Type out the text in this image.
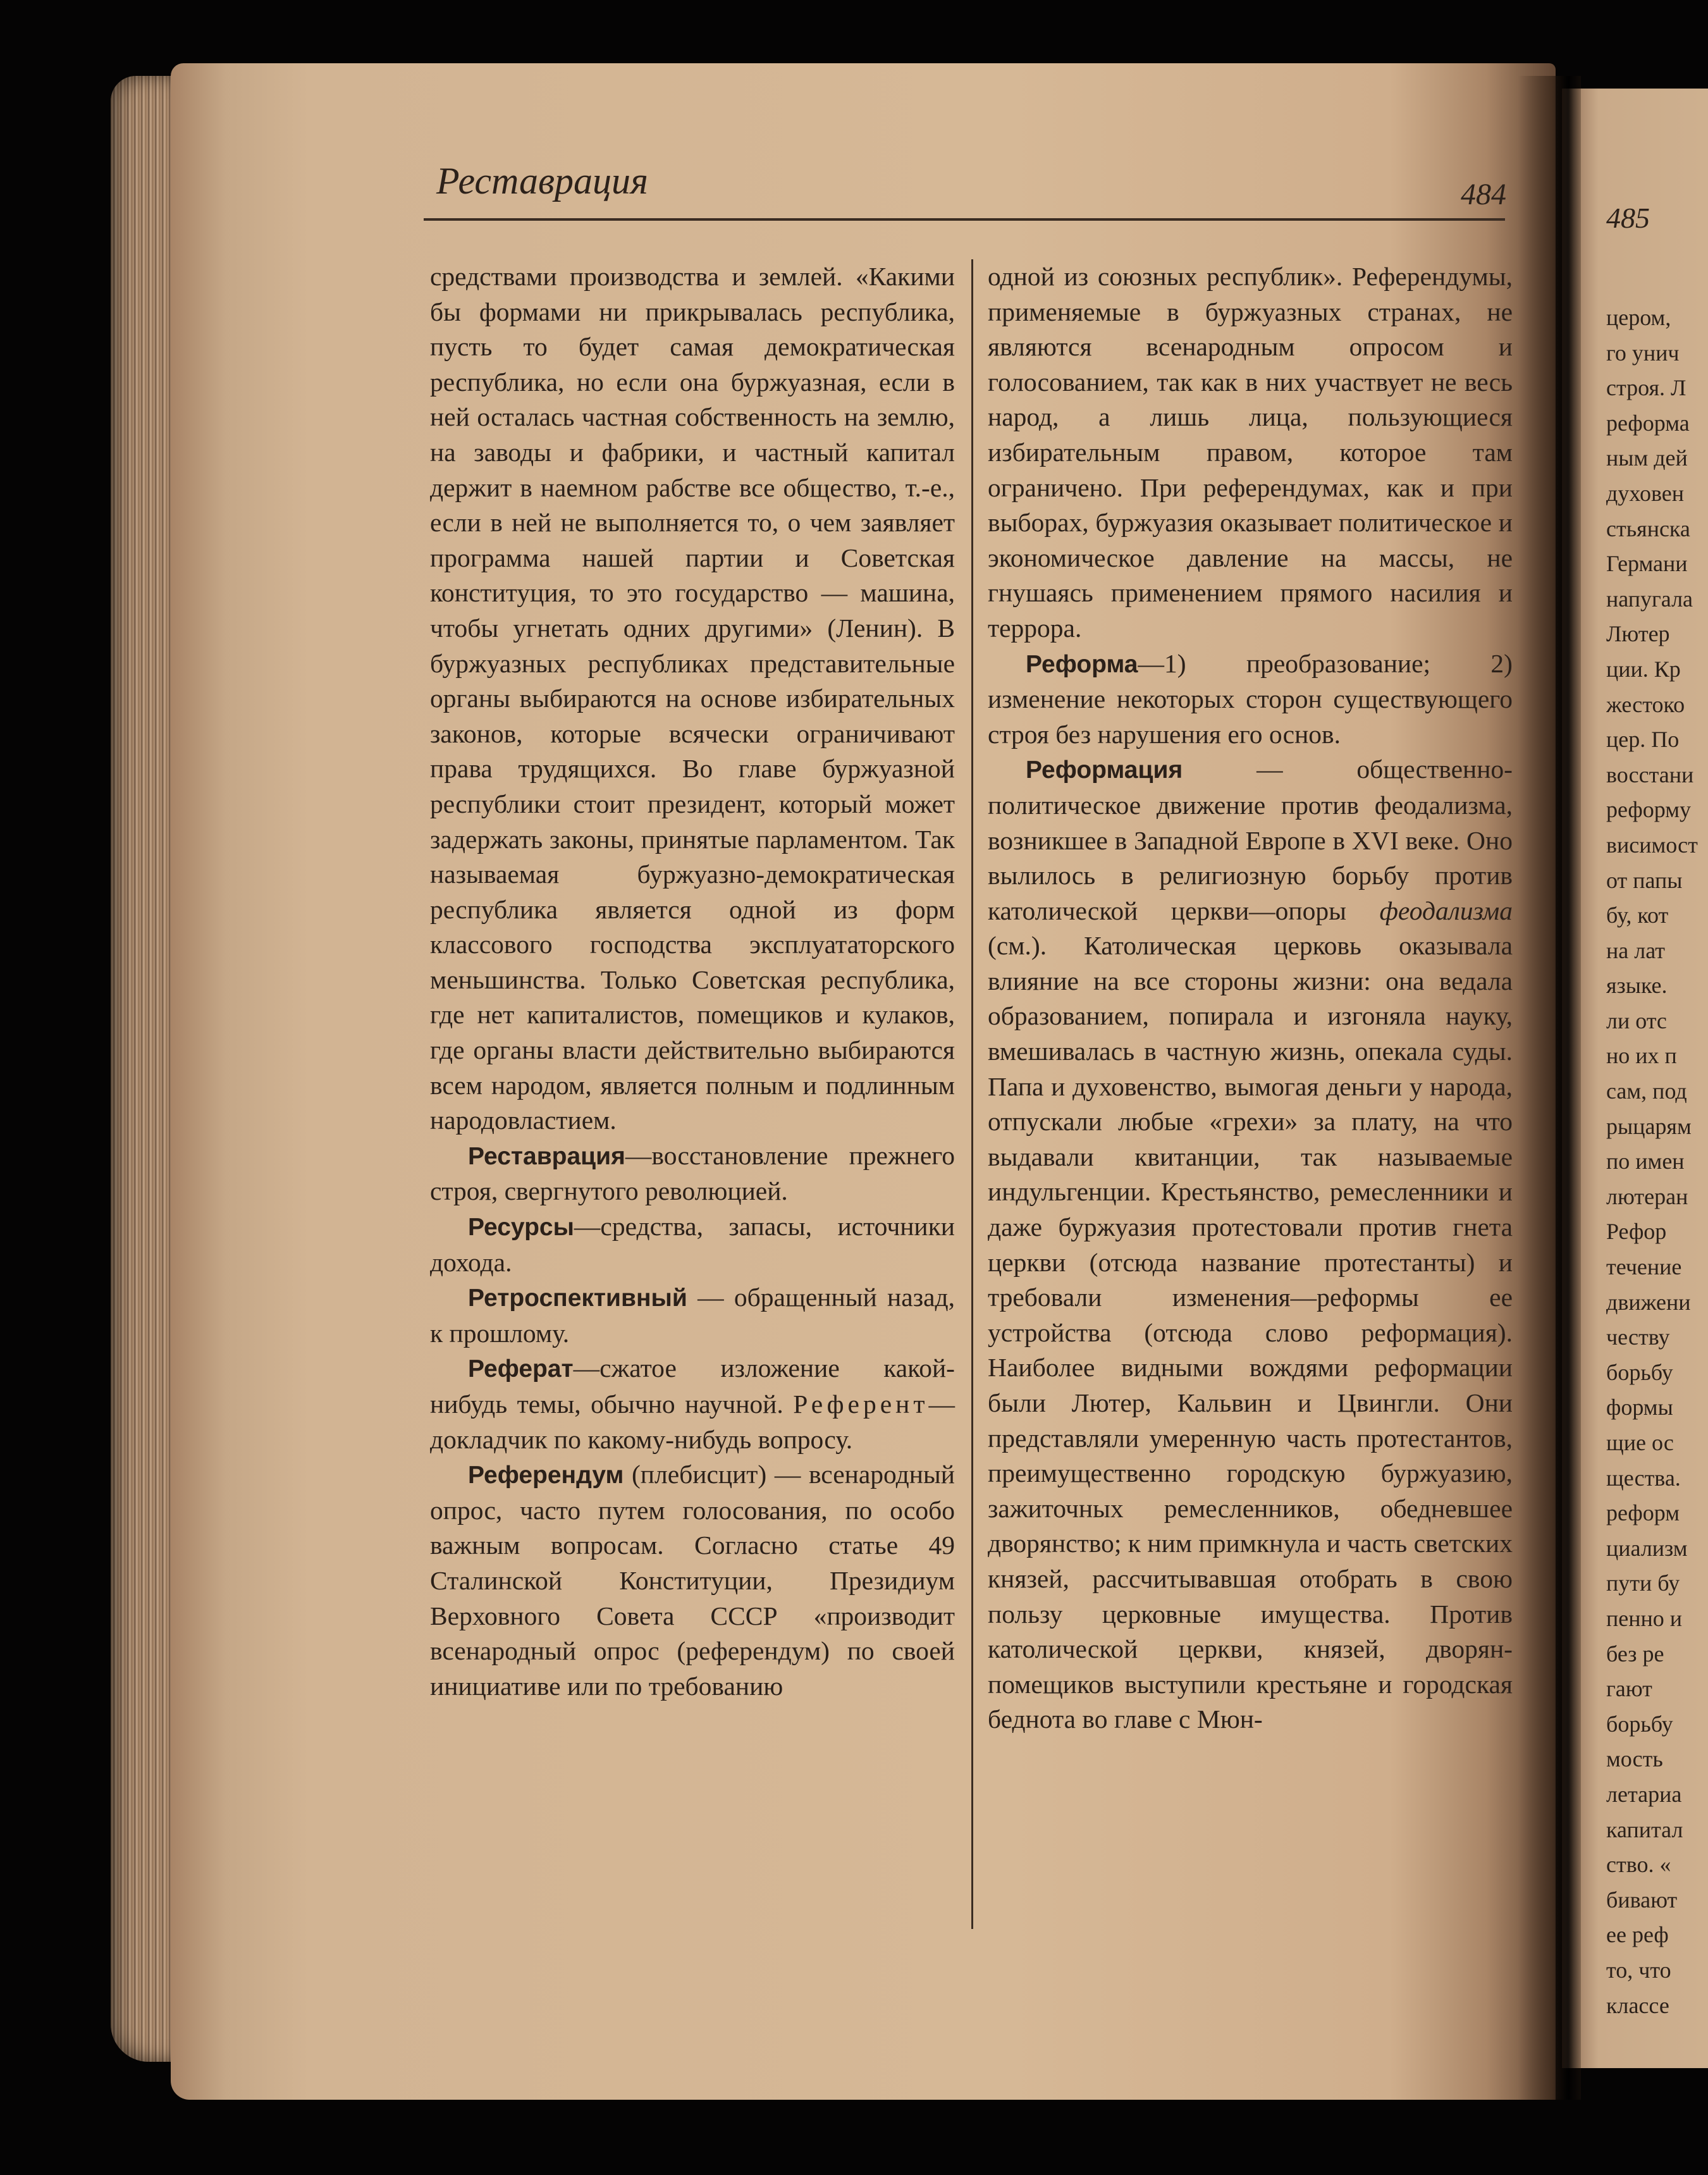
Реставрация	484
485

средствами производства и землей. «Какими бы формами ни прикрывалась республика, пусть то будет самая демократическая республика, но если она буржуазная, если в ней осталась частная собственность на землю, на заводы и фабрики, и частный капитал держит в наемном рабстве все общество, т.-е., если в ней не выполняется то, о чем заявляет программа нашей партии и Советская конституция, то это государство — машина, чтобы угнетать одних другими» (Ленин). В буржуазных республиках представительные органы выбираются на основе избирательных законов, которые всячески ограничивают права трудящихся. Во главе буржуазной республики стоит президент, который может задержать законы, принятые парламентом. Так называемая буржуазно-демократическая республика является одной из форм классового господства эксплуататорского меньшинства. Только Советская республика, где нет капиталистов, помещиков и кулаков, где органы власти действительно выбираются всем народом, является полным и подлинным народовластием.

Реставрация—восстановление прежнего строя, свергнутого революцией.

Ресурсы—средства, запасы, источники дохода.

Ретроспективный — обращенный назад, к прошлому.

Реферат—сжатое изложение какой-нибудь темы, обычно научной. Референт—докладчик по какому-нибудь вопросу.

Референдум (плебисцит) — всенародный опрос, часто путем голосования, по особо важным вопросам. Согласно статье 49 Сталинской Конституции, Президиум Верховного Совета СССР «производит всенародный опрос (референдум) по своей инициативе или по требованию

одной из союзных республик». Референдумы, применяемые в буржуазных странах, не являются всенародным опросом и голосованием, так как в них участвует не весь народ, а лишь лица, пользующиеся избирательным правом, которое там ограничено. При референдумах, как и при выборах, буржуазия оказывает политическое и экономическое давление на массы, не гнушаясь применением прямого насилия и террора.

Реформа—1) преобразование; 2) изменение некоторых сторон существующего строя без нарушения его основ.

Реформация — общественно-политическое движение против феодализма, возникшее в Западной Европе в XVI веке. Оно вылилось в религиозную борьбу против католической церкви—опоры феодализма (см.). Католическая церковь оказывала влияние на все стороны жизни: она ведала образованием, попирала и изгоняла науку, вмешивалась в частную жизнь, опекала суды. Папа и духовенство, вымогая деньги у народа, отпускали любые «грехи» за плату, на что выдавали квитанции, так называемые индульгенции. Крестьянство, ремесленники и даже буржуазия протестовали против гнета церкви (отсюда название протестанты) и требовали изменения—реформы ее устройства (отсюда слово реформация). Наиболее видными вождями реформации были Лютер, Кальвин и Цвингли. Они представляли умеренную часть протестантов, преимущественно городскую буржуазию, зажиточных ремесленников, обедневшее дворянство; к ним примкнула и часть светских князей, рассчитывавшая отобрать в свою пользу церковные имущества. Против католической церкви, князей, дворян-помещиков выступили крестьяне и городская беднота во главе с Мюн-

цером,
го унич
строя. Л
реформа
ным дей
духовен
стьянска
Германи
напугала
Лютер
ции. Кр
жестоко
цер. По
восстани
реформу
висимост
от папы
бу, кот
на лат
языке.
ли отс
но их п
сам, под
рыцарям
по имен
лютеран
Рефор
течение
движени
честву
борьбу
формы
щие ос
щества.
реформ
циализм
пути бу
пенно и
без ре
гают
борьбу
мость
летариа
капитал
ство. «
бивают
ее реф
то, что
классе
